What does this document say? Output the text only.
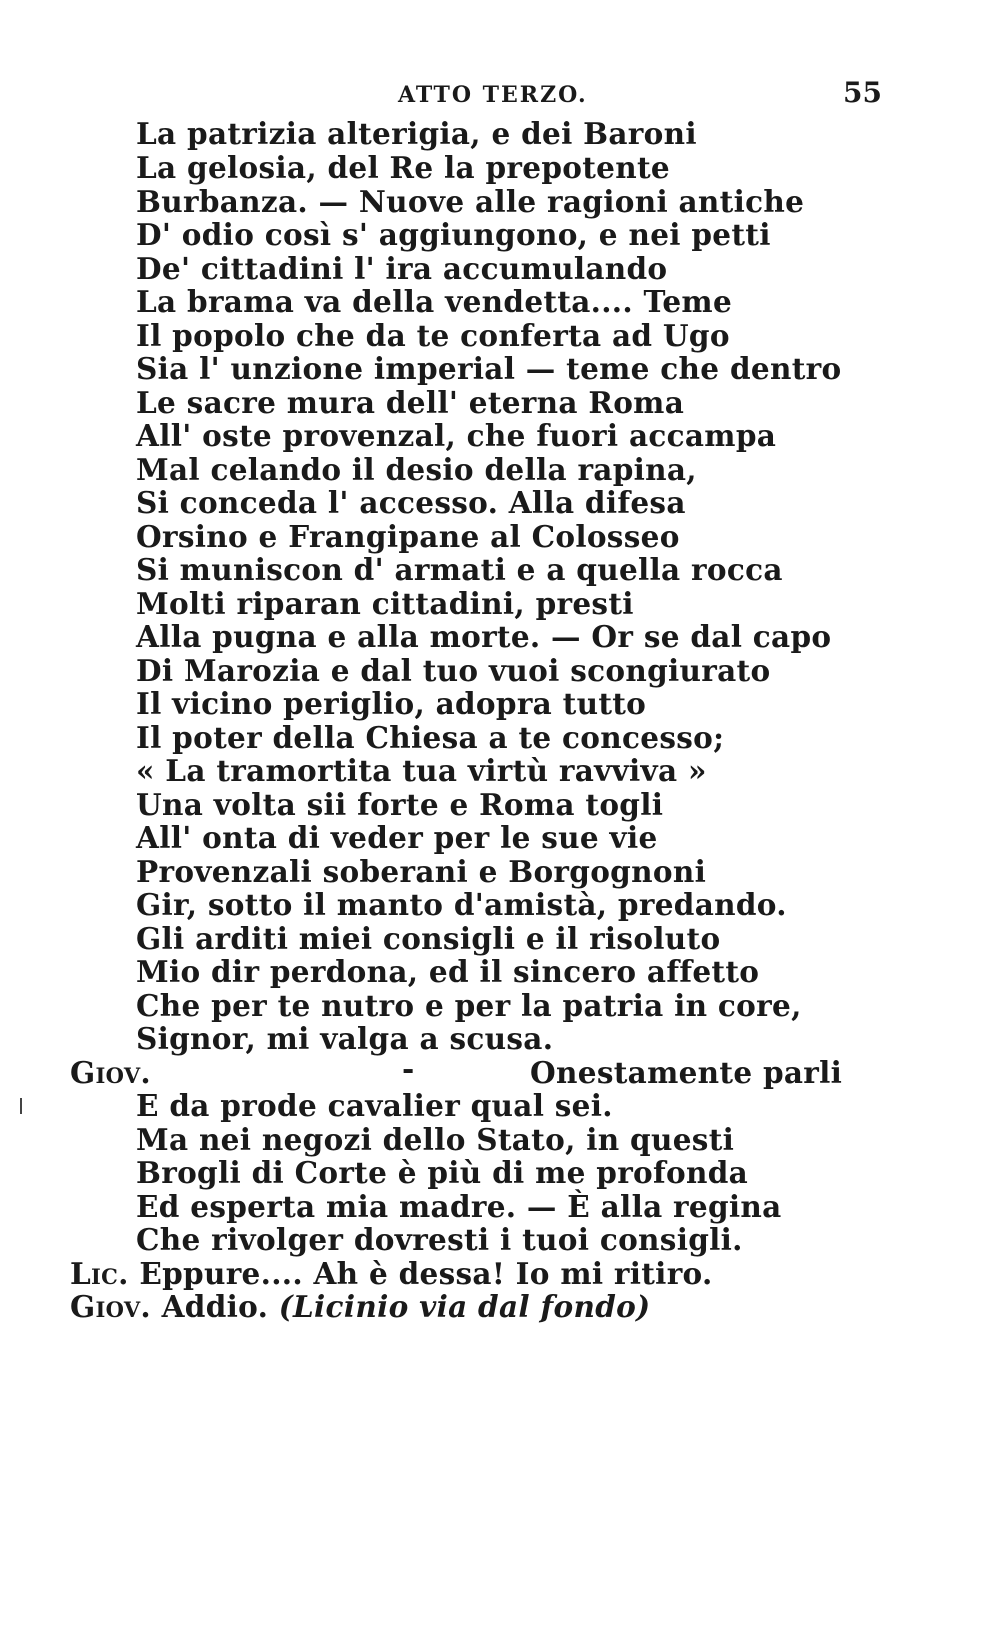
ATTO TERZO.	55
La patrizia alterigia, e dei Baroni
La gelosia, del Re la prepotente
Burbanza. — Nuove alle ragioni antiche
D' odio così s' aggiungono, e nei petti
De' cittadini l' ira accumulando
La brama va della vendetta.... Teme
Il popolo che da te conferta ad Ugo
Sia l' unzione imperial — teme che dentro
Le sacre mura dell' eterna Roma
All' oste provenzal, che fuori accampa
Mal celando il desio della rapina,
Si conceda l' accesso. Alla difesa
Orsino e Frangipane al Colosseo
Si muniscon d' armati e a quella rocca
Molti riparan cittadini, presti
Alla pugna e alla morte. — Or se dal capo
Di Marozia e dal tuo vuoi scongiurato
Il vicino periglio, adopra tutto
Il poter della Chiesa a te concesso;
« La tramortita tua virtù ravviva »
Una volta sii forte e Roma togli
All' onta di veder per le sue vie
Provenzali soberani e Borgognoni
Gir, sotto il manto d'amistà, predando.
Gli arditi miei consigli e il risoluto
Mio dir perdona, ed il sincero affetto
Che per te nutro e per la patria in core,
Signor, mi valga a scusa.
Giov.	-	Onestamente parli
E da prode cavalier qual sei.
Ma nei negozi dello Stato, in questi
Brogli di Corte è più di me profonda
Ed esperta mia madre. — È alla regina
Che rivolger dovresti i tuoi consigli.
Lic. Eppure.... Ah è dessa! Io mi ritiro.
Giov. Addio. (Licinio via dal fondo)
